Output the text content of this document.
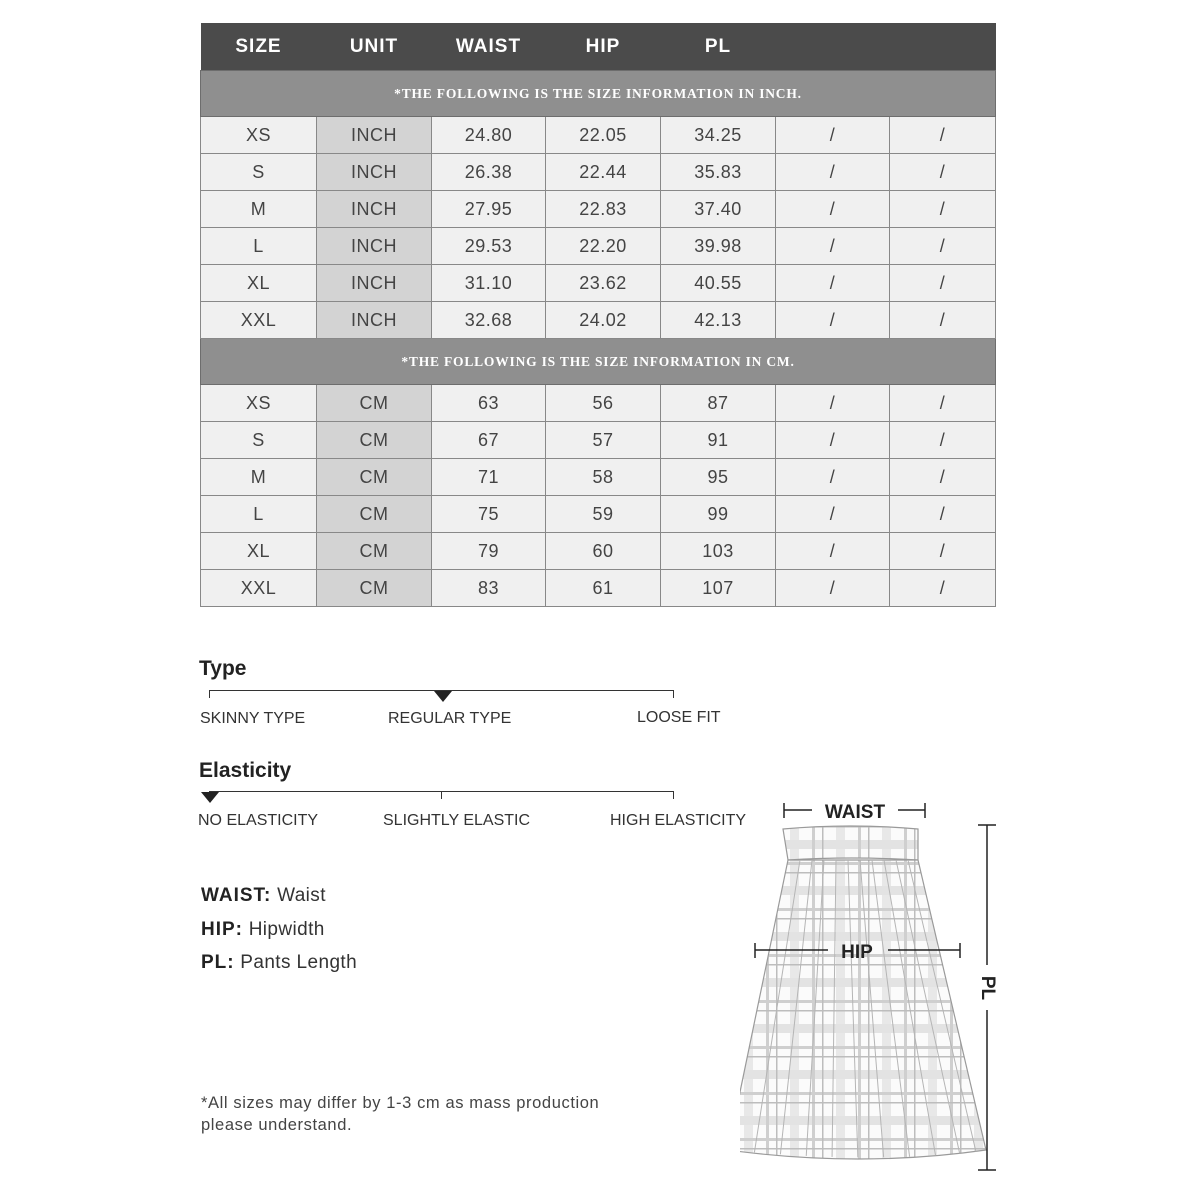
SIZE	UNIT	WAIST	HIP	PL		
*THE FOLLOWING IS THE SIZE INFORMATION IN INCH.						
XS	INCH	24.80	22.05	34.25	/	/
S	INCH	26.38	22.44	35.83	/	/
M	INCH	27.95	22.83	37.40	/	/
L	INCH	29.53	22.20	39.98	/	/
XL	INCH	31.10	23.62	40.55	/	/
XXL	INCH	32.68	24.02	42.13	/	/
*THE FOLLOWING IS THE SIZE INFORMATION IN CM.						
XS	CM	63	56	87	/	/
S	CM	67	57	91	/	/
M	CM	71	58	95	/	/
L	CM	75	59	99	/	/
XL	CM	79	60	103	/	/
XXL	CM	83	61	107	/	/
Type
SKINNY TYPE	REGULAR TYPE	LOOSE FIT
Elasticity
NO ELASTICITY	SLIGHTLY ELASTIC	HIGH ELASTICITY
WAIST: Waist
HIP: Hipwidth
PL: Pants Length
*All sizes may differ by 1-3 cm as mass production
please understand.
WAIST
HIP
PL
